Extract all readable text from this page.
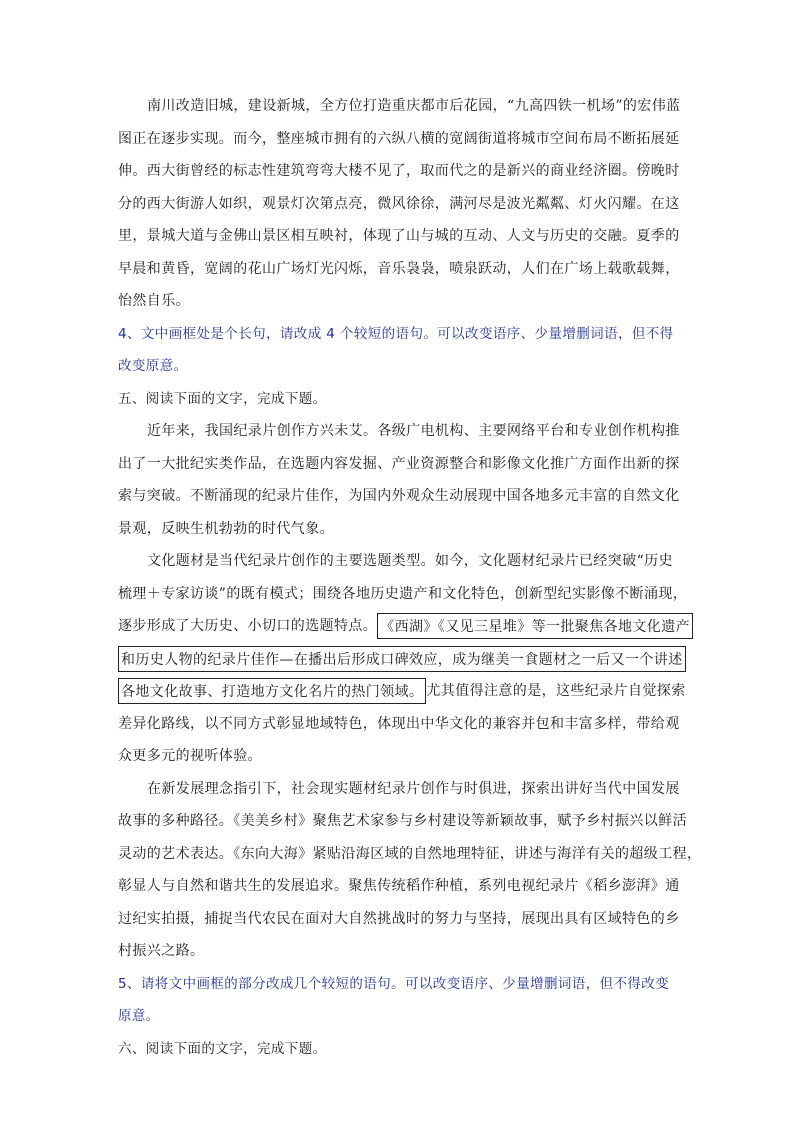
南川改造旧城，建设新城，全方位打造重庆都市后花园，“九高四铁一机场”的宏伟蓝
图正在逐步实现。而今，整座城市拥有的六纵八横的宽阔街道将城市空间布局不断拓展延
伸。西大街曾经的标志性建筑弯弯大楼不见了，取而代之的是新兴的商业经济圈。傍晚时
分的西大街游人如织，观景灯次第点亮，微风徐徐，满河尽是波光粼粼、灯火闪耀。在这
里，景城大道与金佛山景区相互映衬，体现了山与城的互动、人文与历史的交融。夏季的
早晨和黄昏，宽阔的花山广场灯光闪烁，音乐袅袅，喷泉跃动，人们在广场上载歌载舞，
怡然自乐。
4、文中画框处是个长句，请改成 4 个较短的语句。可以改变语序、少量增删词语，但不得
改变原意。
五、阅读下面的文字，完成下题。
近年来，我国纪录片创作方兴未艾。各级广电机构、主要网络平台和专业创作机构推
出了一大批纪实类作品，在选题内容发掘、产业资源整合和影像文化推广方面作出新的探
索与突破。不断涌现的纪录片佳作，为国内外观众生动展现中国各地多元丰富的自然文化
景观，反映生机勃勃的时代气象。
文化题材是当代纪录片创作的主要选题类型。如今，文化题材纪录片已经突破“历史
梳理＋专家访谈”的既有模式；围绕各地历史遗产和文化特色，创新型纪实影像不断涌现，
逐步形成了大历史、小切口的选题特点。 《西湖》《又见三星堆》等一批聚焦各地文化遗产
和历史人物的纪录片佳作—在播出后形成口碑效应，成为继美一食题材之一后又一个讲述
各地文化故事、打造地方文化名片的热门领域。 尤其值得注意的是，这些纪录片自觉探索
差异化路线，以不同方式彰显地域特色，体现出中华文化的兼容并包和丰富多样，带给观
众更多元的视听体验。
在新发展理念指引下，社会现实题材纪录片创作与时俱进，探索出讲好当代中国发展
故事的多种路径。《美美乡村》聚焦艺术家参与乡村建设等新颖故事，赋予乡村振兴以鲜活
灵动的艺术表达。《东向大海》紧贴沿海区域的自然地理特征，讲述与海洋有关的超级工程，
彰显人与自然和谐共生的发展追求。聚焦传统稻作种植，系列电视纪录片《稻乡澎湃》通
过纪实拍摄，捕捉当代农民在面对大自然挑战时的努力与坚持，展现出具有区域特色的乡
村振兴之路。
5、请将文中画框的部分改成几个较短的语句。可以改变语序、少量增删词语，但不得改变
原意。
六、阅读下面的文字，完成下题。
